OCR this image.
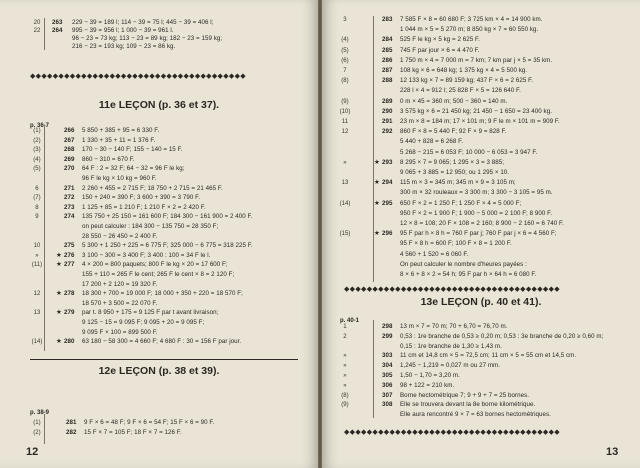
20	263	229 − 39 = 189 l; 114 − 39 = 75 l; 445 − 39 = 406 l;
22	264	995 − 39 = 956 l; 1 000 − 39 = 961 l.
96 − 23 = 73 kg; 113 − 23 = 89 kg; 182 − 23 = 159 kg;
216 − 23 = 193 kg; 109 − 23 = 86 kg.
◆◆◆◆◆◆◆◆◆◆◆◆◆◆◆◆◆◆◆◆◆◆◆◆◆◆◆◆◆◆◆◆◆◆◆◆◆◆
11e LEÇON (p. 36 et 37).
p. 36-7
(1)	266	5 850 + 385 + 95 = 6 330 F.
(2)	267	1 330 + 35 + 11 = 1 376 F.
(3)	268	170 − 30 − 140 F; 155 − 140 = 15 F.
(4)	269	860 − 310 = 670 F.
(5)	270	64 F : 2 = 32 F; 64 − 32 = 96 F le kg;
96 F le kg × 10 kg = 960 F.
6	271	2 260 + 455 = 2 715 F; 18 750 + 2 715 = 21 465 F.
(7)	272	150 + 240 = 390 F; 3 600 + 390 = 3 790 F.
8	273	1 125 + 85 = 1 210 F; 1 210 F × 2 = 2 420 F.
9	274	135 750 + 25 150 = 161 600 F; 184 300 − 161 900 = 2 400 F.
on peut calculer : 184 300 − 135 750 = 28 350 F;
28 550 − 26 450 = 2 400 F.
10	275	5 300 + 1 250 + 225 = 6 775 F; 325 000 − 6 775 = 318 225 F.
»	★ 276	3 100 − 300 = 3 400 F; 3 400 : 100 = 34 F le l.
(11)	★ 277	4 × 200 = 800 paquets; 800 F le kg × 20 = 17 600 F;
155 + 110 = 265 F le cent; 265 F le cent × 8 = 2 120 F;
17 200 + 2 120 = 19 320 F.
12	★ 278	18 300 + 700 = 19 000 F; 18 000 + 350 + 220 = 18 570 F;
18 570 + 3 500 = 22 070 F.
13	★ 279	par t. 8 950 + 175 = 9 125 F par t avant livraison;
9 125 − 15 = 9 095 F; 9 095 + 20 = 9 095 F;
9 095 F × 100 = 899 500 F.
(14)	★ 280	63 180 − 58 300 = 4 660 F; 4 680 F : 30 = 156 F par jour.
12e LEÇON (p. 38 et 39).
p. 38-9
(1)	281	9 F × 6 = 48 F; 9 F × 6 = 54 F; 15 F × 6 = 90 F.
(2)	282	15 F × 7 = 105 F; 18 F × 7 = 126 F.
12
3	283	7 585 F × 8 = 60 680 F; 3 725 km × 4 = 14 900 km.
1 044 m × 5 = 5 270 m; 8 850 kg × 7 = 60 550 kg.
(4)	284	525 F le kg × 5 kg = 2 625 F.
(5)	285	745 F par jour × 6 = 4 470 F.
(6)	286	1 750 m × 4 = 7 000 m = 7 km; 7 km par j × 5 = 35 km.
7	287	108 kg × 6 = 648 kg; 1 375 kg × 4 = 5 500 kg.
(8)	288	12 133 kg × 7 = 89 159 kg; 437 F × 6 = 2 625 F.
228 l × 4 = 912 l; 25 828 F × 5 = 126 640 F.
(9)	289	0 m × 45 = 360 m; 500 − 360 = 140 m.
(10)	290	3 575 kg × 6 = 21 450 kg; 21 450 − 1 650 = 23 400 kg.
11	291	23 m × 8 = 184 m; 17 × 101 m; 9 F le m × 101 m = 909 F.
12	292	860 F × 8 = 5 440 F; 92 F × 9 = 828 F.
5 440 + 828 = 6 268 F.
5 268 − 215 = 6 053 F; 10 000 − 6 053 = 3 947 F.
»	★ 293	8 295 × 7 = 9 065; 1 295 × 3 = 3 885;
9 065 + 3 885 = 12 950; ou 1 295 × 10.
13	★ 294	115 m × 3 = 345 m; 345 m × 9 = 3 105 m;
300 m × 32 rouleaux = 3 300 m; 3 300 − 3 105 = 95 m.
(14)	★ 295	650 F × 2 = 1 250 F; 1 250 F × 4 = 5 000 F;
950 F × 2 = 1 900 F; 1 900 − 5 000 = 2 100 F; 8 900 F.
12 × 8 = 108; 20 F × 108 = 2 160; 8 900 − 2 160 = 6 740 F.
(15)	★ 296	95 F par h × 8 h = 760 F par j; 760 F par j × 6 = 4 560 F;
95 F × 8 h = 600 F; 100 F × 8 = 1 200 F.
4 560 + 1 520 = 6 060 F.
On peut calculer le nombre d'heures payées :
8 × 6 + 8 × 2 = 54 h; 95 F par h × 64 h = 6 080 F.
◆◆◆◆◆◆◆◆◆◆◆◆◆◆◆◆◆◆◆◆◆◆◆◆◆◆◆◆◆◆◆◆◆◆◆◆◆◆
13e LEÇON (p. 40 et 41).
p. 40-1
1	298	13 m × 7 = 70 m; 70 + 6,70 = 76,70 m.
2	299	0,53 : 1re branche de 0,53 ≥ 0,20 m; 0,53 : 3e branche de 0,20 ≥ 0,60 m;
0,15 : 1re branche de 1,30 ≥ 1,43 m.
»	303	11 cm et 14,8 cm × 5 = 72,5 cm; 11 cm × 5 = 55 cm et 14,5 cm.
»	304	1,245 − 1,219 = 0,027 m ou 27 mm.
»	305	1,50 − 1,70 = 3,20 m.
»	306	98 + 122 = 210 km.
(8)	307	Borne hectométrique 7; 9 + 9 + 7 = 25 bornes.
(9)	308	Elle se trouvera devant la 8e borne kilométrique.
Elle aura rencontré 9 × 7 = 63 bornes hectométriques.
◆◆◆◆◆◆◆◆◆◆◆◆◆◆◆◆◆◆◆◆◆◆◆◆◆◆◆◆◆◆◆◆◆◆◆◆◆◆
13
